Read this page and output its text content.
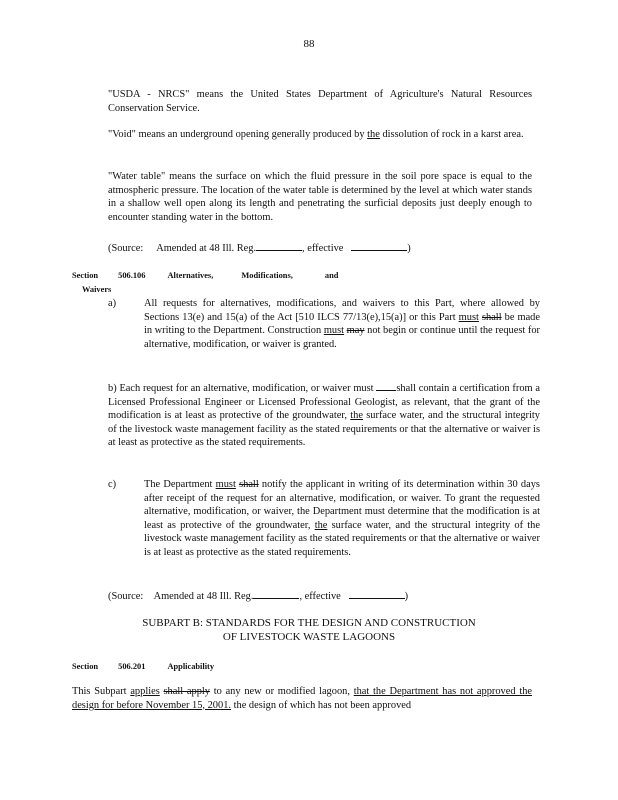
88

"USDA - NRCS" means the United States Department of Agriculture's Natural Resources Conservation Service.

"Void" means an underground opening generally produced by the dissolution of rock in a karst area.

"Water table" means the surface on which the fluid pressure in the soil pore space is equal to the atmospheric pressure. The location of the water table is determined by the level at which water stands in a shallow well open along its length and penetrating the surficial deposits just deeply enough to encounter standing water in the bottom.

(Source: Amended at 48 Ill. Reg.	, effective	)

Section 506.106	Alternatives,	Modifications,	and Waivers
a)	All requests for alternatives, modifications, and waivers to this Part, where allowed by Sections 13(e) and 15(a) of the Act [510 ILCS 77/13(e),15(a)] or this Part must shall be made in writing to the Department. Construction must may not begin or continue until the request for alternative, modification, or waiver is granted.
b) Each request for an alternative, modification, or waiver must shall contain a certification from a Licensed Professional Engineer or Licensed Professional Geologist, as relevant, that the grant of the modification is at least as protective of the groundwater, the surface water, and the structural integrity of the livestock waste management facility as the stated requirements or that the alternative or waiver is at least as protective as the stated requirements.
c)	The Department must shall notify the applicant in writing of its determination within 30 days after receipt of the request for an alternative, modification, or waiver. To grant the requested alternative, modification, or waiver, the Department must determine that the modification is at least as protective of the groundwater, the surface water, and the structural integrity of the livestock waste management facility as the stated requirements or that the alternative or waiver is at least as protective as the stated requirements.

(Source: Amended at 48 Ill. Reg.	, effective	)

SUBPART B: STANDARDS FOR THE DESIGN AND CONSTRUCTION
OF LIVESTOCK WASTE LAGOONS
Section 506.201	Applicability
This Subpart applies shall apply to any new or modified lagoon, that the Department has not approved the design for before November 15, 2001. the design of which has not been approved
